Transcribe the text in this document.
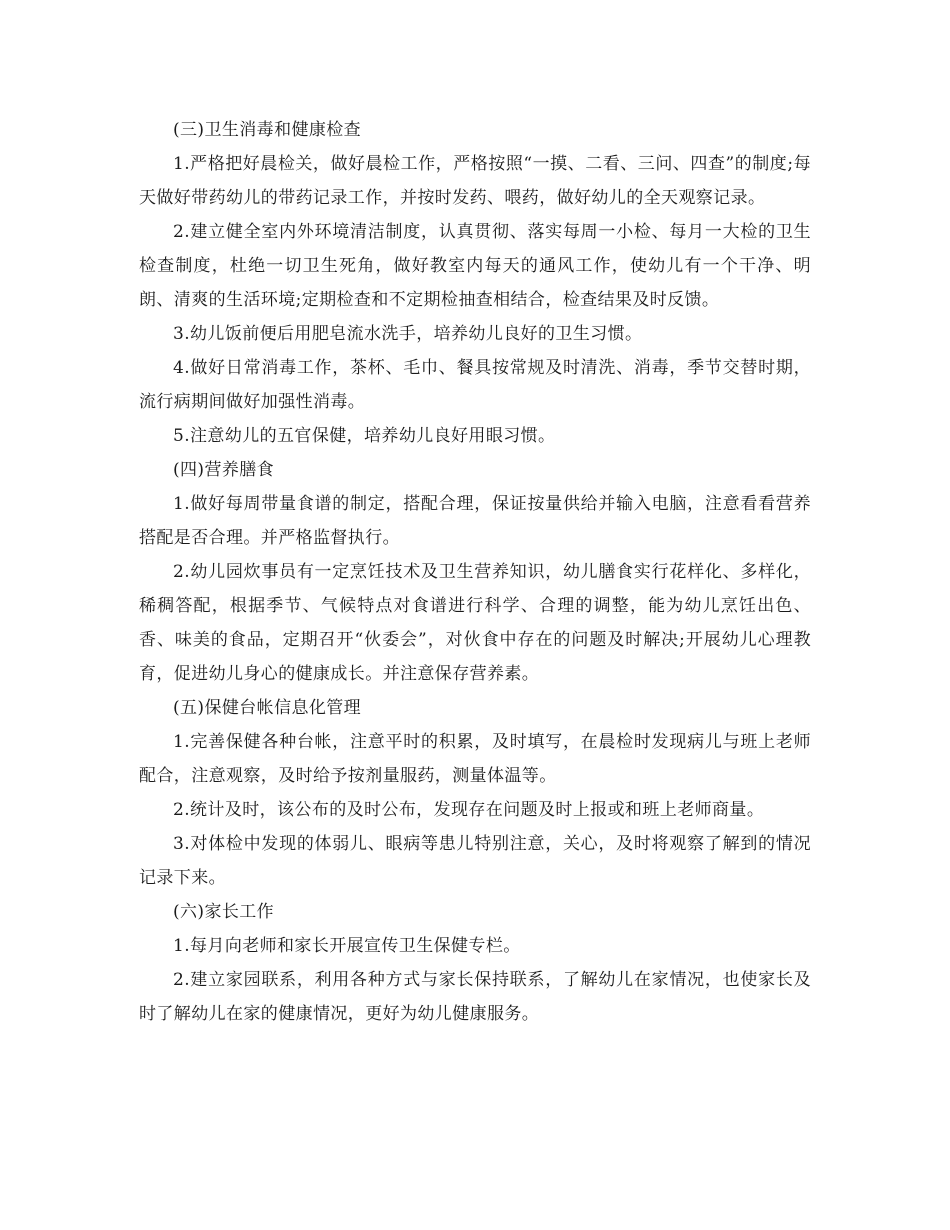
(三)卫生消毒和健康检查

1.严格把好晨检关，做好晨检工作，严格按照“一摸、二看、三问、四查”的制度;每天做好带药幼儿的带药记录工作，并按时发药、喂药，做好幼儿的全天观察记录。

2.建立健全室内外环境清洁制度，认真贯彻、落实每周一小检、每月一大检的卫生检查制度，杜绝一切卫生死角，做好教室内每天的通风工作，使幼儿有一个干净、明朗、清爽的生活环境;定期检查和不定期检抽查相结合，检查结果及时反馈。

3.幼儿饭前便后用肥皂流水洗手，培养幼儿良好的卫生习惯。

4.做好日常消毒工作，茶杯、毛巾、餐具按常规及时清洗、消毒，季节交替时期，流行病期间做好加强性消毒。

5.注意幼儿的五官保健，培养幼儿良好用眼习惯。

(四)营养膳食

1.做好每周带量食谱的制定，搭配合理，保证按量供给并输入电脑，注意看看营养搭配是否合理。并严格监督执行。

2.幼儿园炊事员有一定烹饪技术及卫生营养知识，幼儿膳食实行花样化、多样化，稀稠答配，根据季节、气候特点对食谱进行科学、合理的调整，能为幼儿烹饪出色、香、味美的食品，定期召开“伙委会”，对伙食中存在的问题及时解决;开展幼儿心理教育，促进幼儿身心的健康成长。并注意保存营养素。

(五)保健台帐信息化管理

1.完善保健各种台帐，注意平时的积累，及时填写，在晨检时发现病儿与班上老师配合，注意观察，及时给予按剂量服药，测量体温等。

2.统计及时，该公布的及时公布，发现存在问题及时上报或和班上老师商量。

3.对体检中发现的体弱儿、眼病等患儿特别注意，关心，及时将观察了解到的情况记录下来。

(六)家长工作

1.每月向老师和家长开展宣传卫生保健专栏。

2.建立家园联系，利用各种方式与家长保持联系，了解幼儿在家情况，也使家长及时了解幼儿在家的健康情况，更好为幼儿健康服务。
